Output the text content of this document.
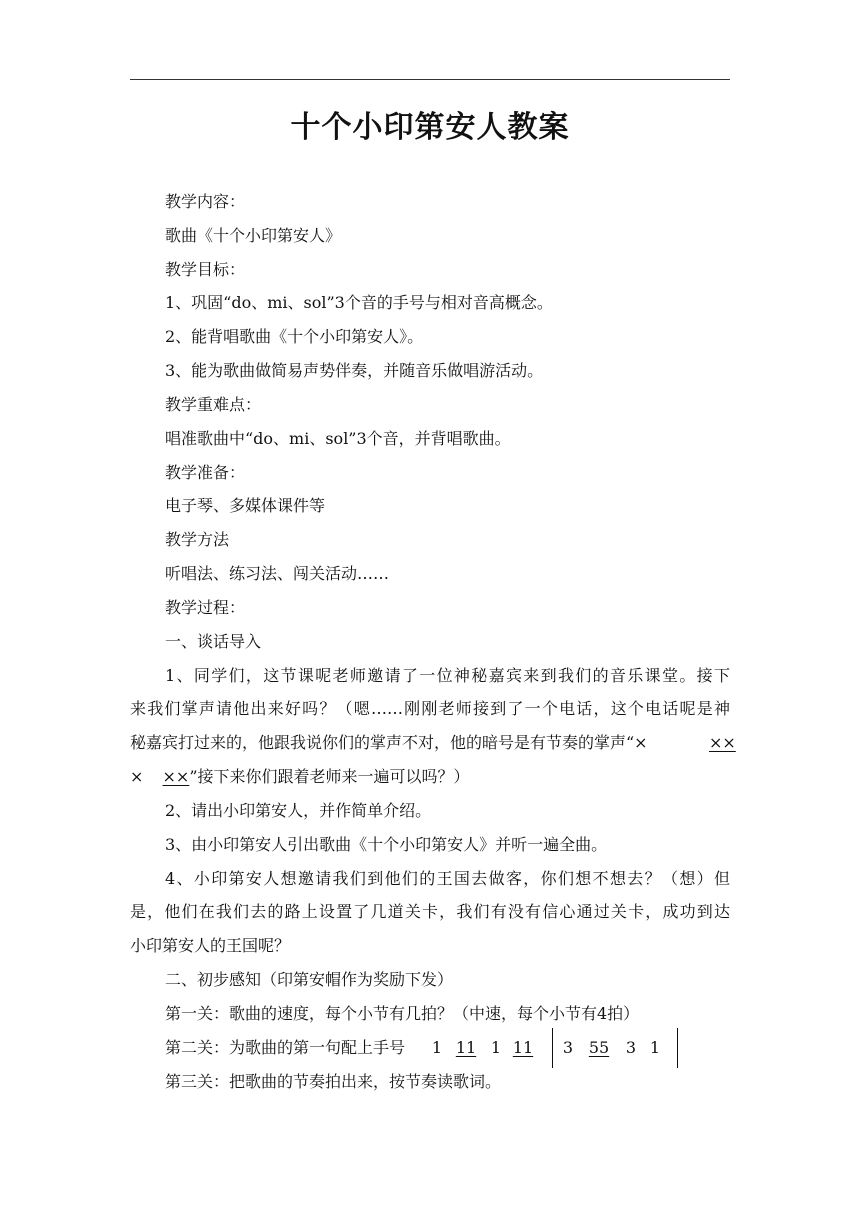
十个小印第安人教案
教学内容：
歌曲《十个小印第安人》
教学目标：
1、巩固“do、mi、sol”3个音的手号与相对音高概念。
2、能背唱歌曲《十个小印第安人》。
3、能为歌曲做简易声势伴奏，并随音乐做唱游活动。
教学重难点：
唱准歌曲中“do、mi、sol”3个音，并背唱歌曲。
教学准备：
电子琴、多媒体课件等
教学方法
听唱法、练习法、闯关活动……
教学过程：
一、谈话导入
1、同学们，这节课呢老师邀请了一位神秘嘉宾来到我们的音乐课堂。接下
来我们掌声请他出来好吗？（嗯……刚刚老师接到了一个电话，这个电话呢是神
秘嘉宾打过来的，他跟我说你们的掌声不对，他的暗号是有节奏的掌声“×	××
× ××”接下来你们跟着老师来一遍可以吗？）
2、请出小印第安人，并作简单介绍。
3、由小印第安人引出歌曲《十个小印第安人》并听一遍全曲。
4、小印第安人想邀请我们到他们的王国去做客，你们想不想去？（想）但
是，他们在我们去的路上设置了几道关卡，我们有没有信心通过关卡，成功到达
小印第安人的王国呢？
二、初步感知（印第安帽作为奖励下发）
第一关：歌曲的速度，每个小节有几拍？（中速，每个小节有4拍）
第二关：为歌曲的第一句配上手号 1 11 1 11	3 55 3 1
第三关：把歌曲的节奏拍出来，按节奏读歌词。
